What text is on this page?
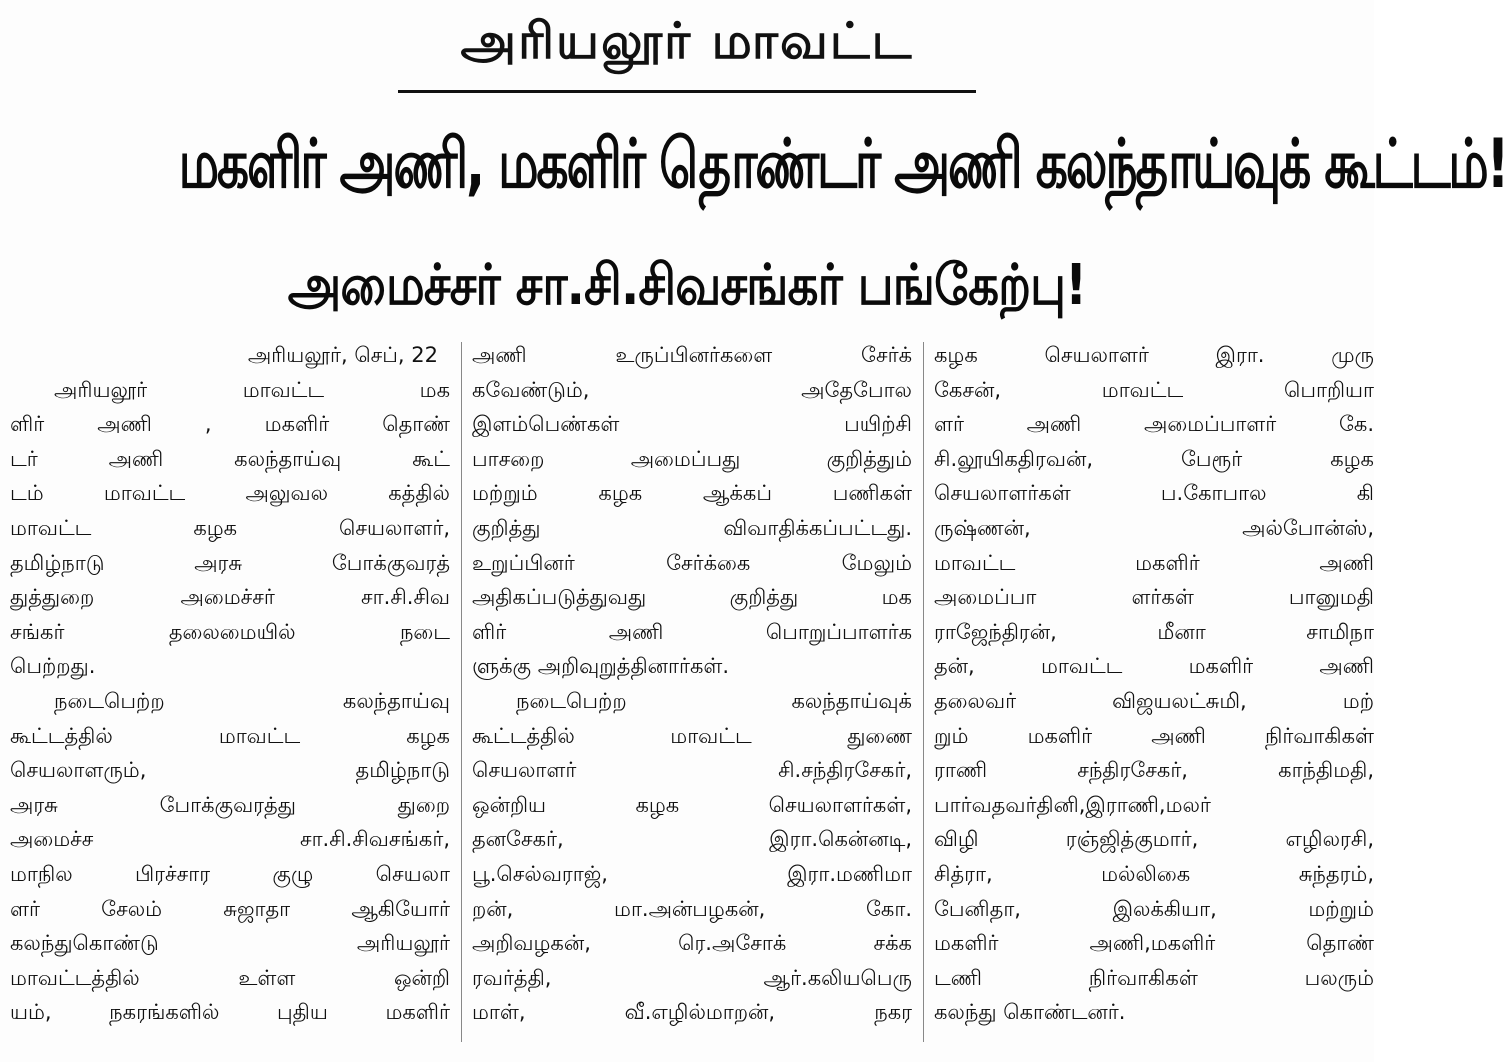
அரியலூர் மாவட்ட
மகளிர் அணி, மகளிர் தொண்டர் அணி கலந்தாய்வுக் கூட்டம்!
அமைச்சர் சா.சி.சிவசங்கர் பங்கேற்பு!
அரியலூர், செப், 22
அரியலூர் மாவட்ட மக
ளிர் அணி , மகளிர் தொண்
டர் அணி கலந்தாய்வு கூட்
டம் மாவட்ட அலுவல கத்தில்
மாவட்ட கழக செயலாளர்,
தமிழ்நாடு அரசு போக்குவரத்
துத்துறை அமைச்சர் சா.சி.சிவ
சங்கர் தலைமையில் நடை
பெற்றது.
நடைபெற்ற கலந்தாய்வு
கூட்டத்தில் மாவட்ட கழக
செயலாளரும், தமிழ்நாடு
அரசு போக்குவரத்து துறை
அமைச்ச சா.சி.சிவசங்கர்,
மாநில பிரச்சார குழு செயலா
ளர் சேலம் சுஜாதா ஆகியோர்
கலந்துகொண்டு அரியலூர்
மாவட்டத்தில் உள்ள ஒன்றி
யம், நகரங்களில் புதிய மகளிர்
அணி உருப்பினர்களை சேர்க்
கவேண்டும், அதேபோல
இளம்பெண்கள் பயிற்சி
பாசறை அமைப்பது குறித்தும்
மற்றும் கழக ஆக்கப் பணிகள்
குறித்து விவாதிக்கப்பட்டது.
உறுப்பினர் சேர்க்கை மேலும்
அதிகப்படுத்துவது குறித்து மக
ளிர் அணி பொறுப்பாளர்க
ளுக்கு அறிவுறுத்தினார்கள்.
நடைபெற்ற கலந்தாய்வுக்
கூட்டத்தில் மாவட்ட துணை
செயலாளர் சி.சந்திரசேகர்,
ஒன்றிய கழக செயலாளர்கள்,
தனசேகர், இரா.கென்னடி,
பூ.செல்வராஜ், இரா.மணிமா
றன், மா.அன்பழகன், கோ.
அறிவழகன், ரெ.அசோக் சக்க
ரவர்த்தி, ஆர்.கலியபெரு
மாள், வீ.எழில்மாறன், நகர
கழக செயலாளர் இரா. முரு
கேசன், மாவட்ட பொறியா
ளர் அணி அமைப்பாளர் கே.
சி.லூயிகதிரவன், பேரூர் கழக
செயலாளர்கள் ப.கோபால கி
ருஷ்ணன், அல்போன்ஸ்,
மாவட்ட மகளிர் அணி
அமைப்பா ளர்கள் பானுமதி
ராஜேந்திரன், மீனா சாமிநா
தன், மாவட்ட மகளிர் அணி
தலைவர் விஜயலட்சுமி, மற்
றும் மகளிர் அணி நிர்வாகிகள்
ராணி சந்திரசேகர், காந்திமதி,
பார்வதவர்தினி,இராணி,மலர்
விழி ரஞ்ஜித்குமார், எழிலரசி,
சித்ரா, மல்லிகை சுந்தரம்,
பேனிதா, இலக்கியா, மற்றும்
மகளிர் அணி,மகளிர் தொண்
டணி நிர்வாகிகள் பலரும்
கலந்து கொண்டனர்.
